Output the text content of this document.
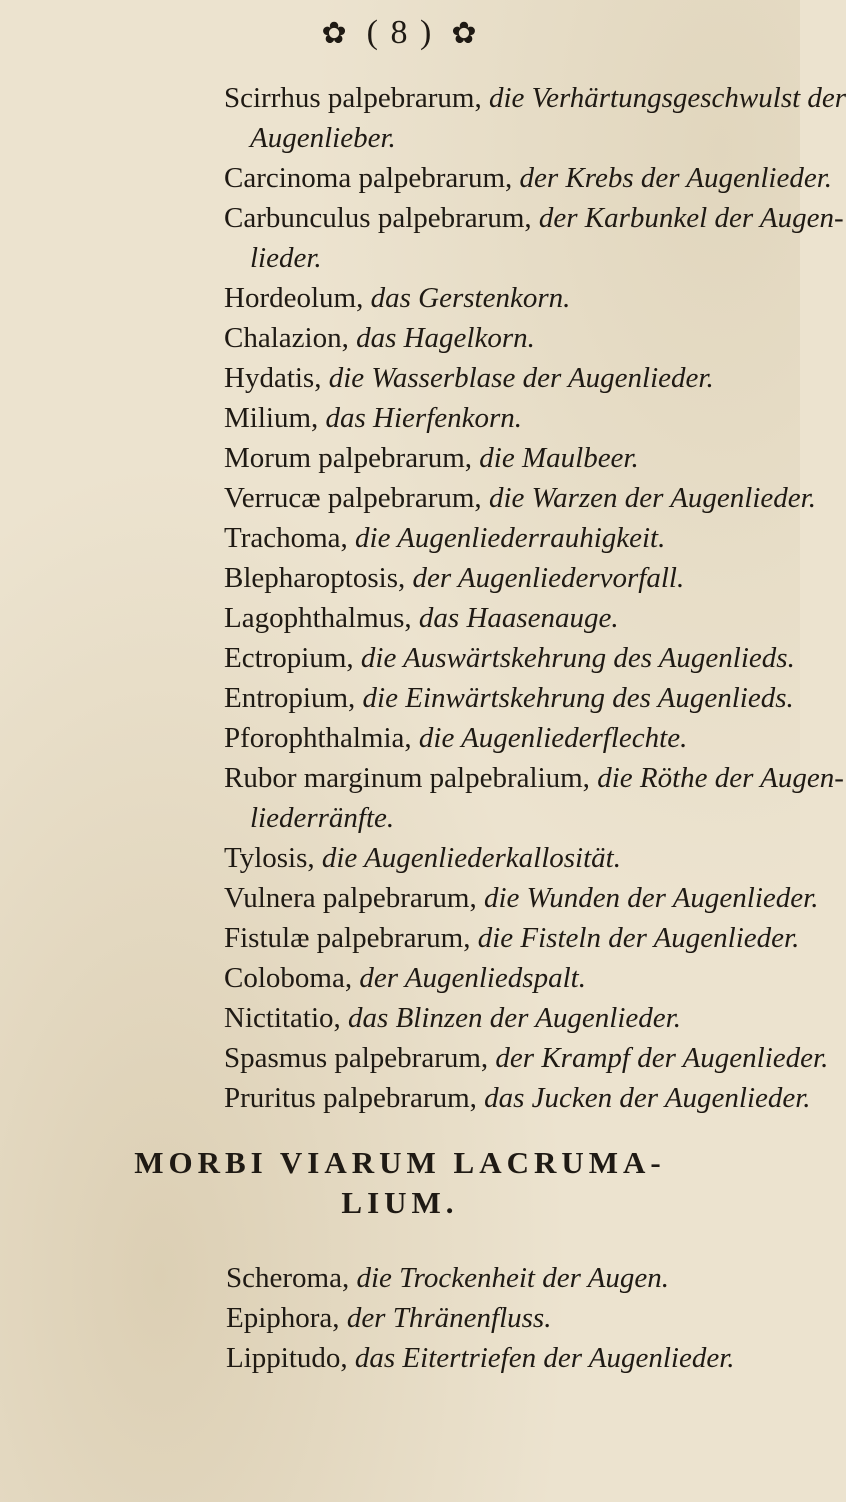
✿ ( 8 ) ✿
Scirrhus palpebrarum, die Verhärtungsgeschwulst der
Augenlieber.
Carcinoma palpebrarum, der Krebs der Augenlieder.
Carbunculus palpebrarum, der Karbunkel der Augen-
lieder.
Hordeolum, das Gerstenkorn.
Chalazion, das Hagelkorn.
Hydatis, die Wasserblase der Augenlieder.
Milium, das Hierfenkorn.
Morum palpebrarum, die Maulbeer.
Verrucæ palpebrarum, die Warzen der Augenlieder.
Trachoma, die Augenliederrauhigkeit.
Blepharoptosis, der Augenliedervorfall.
Lagophthalmus, das Haasenauge.
Ectropium, die Auswärtskehrung des Augenlieds.
Entropium, die Einwärtskehrung des Augenlieds.
Pforophthalmia, die Augenliederflechte.
Rubor marginum palpebralium, die Röthe der Augen-
liederränfte.
Tylosis, die Augenliederkallosität.
Vulnera palpebrarum, die Wunden der Augenlieder.
Fistulæ palpebrarum, die Fisteln der Augenlieder.
Coloboma, der Augenliedspalt.
Nictitatio, das Blinzen der Augenlieder.
Spasmus palpebrarum, der Krampf der Augenlieder.
Pruritus palpebrarum, das Jucken der Augenlieder.
MORBI VIARUM LACRUMA-
LIUM.
Scheroma, die Trockenheit der Augen.
Epiphora, der Thränenfluss.
Lippitudo, das Eitertriefen der Augenlieder.
